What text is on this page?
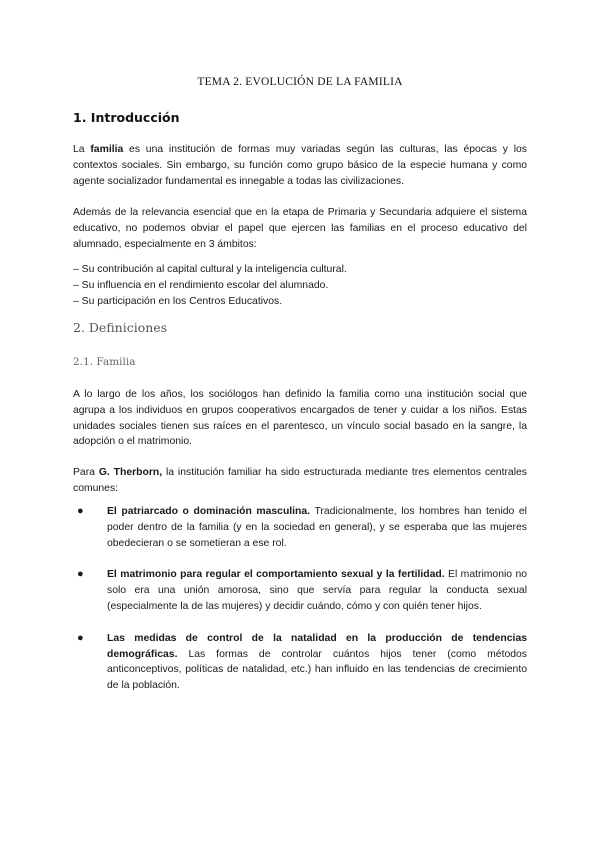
TEMA 2. EVOLUCIÓN DE LA FAMILIA
1. Introducción
La familia es una institución de formas muy variadas según las culturas, las épocas y los contextos sociales. Sin embargo, su función como grupo básico de la especie humana y como agente socializador fundamental es innegable a todas las civilizaciones.
Además de la relevancia esencial que en la etapa de Primaria y Secundaria adquiere el sistema educativo, no podemos obviar el papel que ejercen las familias en el proceso educativo del alumnado, especialmente en 3 ámbitos:
– Su contribución al capital cultural y la inteligencia cultural.
– Su influencia en el rendimiento escolar del alumnado.
– Su participación en los Centros Educativos.
2. Definiciones
2.1. Familia
A lo largo de los años, los sociólogos han definido la familia como una institución social que agrupa a los individuos en grupos cooperativos encargados de tener y cuidar a los niños. Estas unidades sociales tienen sus raíces en el parentesco, un vínculo social basado en la sangre, la adopción o el matrimonio.
Para G. Therborn, la institución familiar ha sido estructurada mediante tres elementos centrales comunes:
● El patriarcado o dominación masculina. Tradicionalmente, los hombres han tenido el poder dentro de la familia (y en la sociedad en general), y se esperaba que las mujeres obedecieran o se sometieran a ese rol.
● El matrimonio para regular el comportamiento sexual y la fertilidad. El matrimonio no solo era una unión amorosa, sino que servía para regular la conducta sexual (especialmente la de las mujeres) y decidir cuándo, cómo y con quién tener hijos.
● Las medidas de control de la natalidad en la producción de tendencias demográficas. Las formas de controlar cuántos hijos tener (como métodos anticonceptivos, políticas de natalidad, etc.) han influido en las tendencias de crecimiento de la población.
